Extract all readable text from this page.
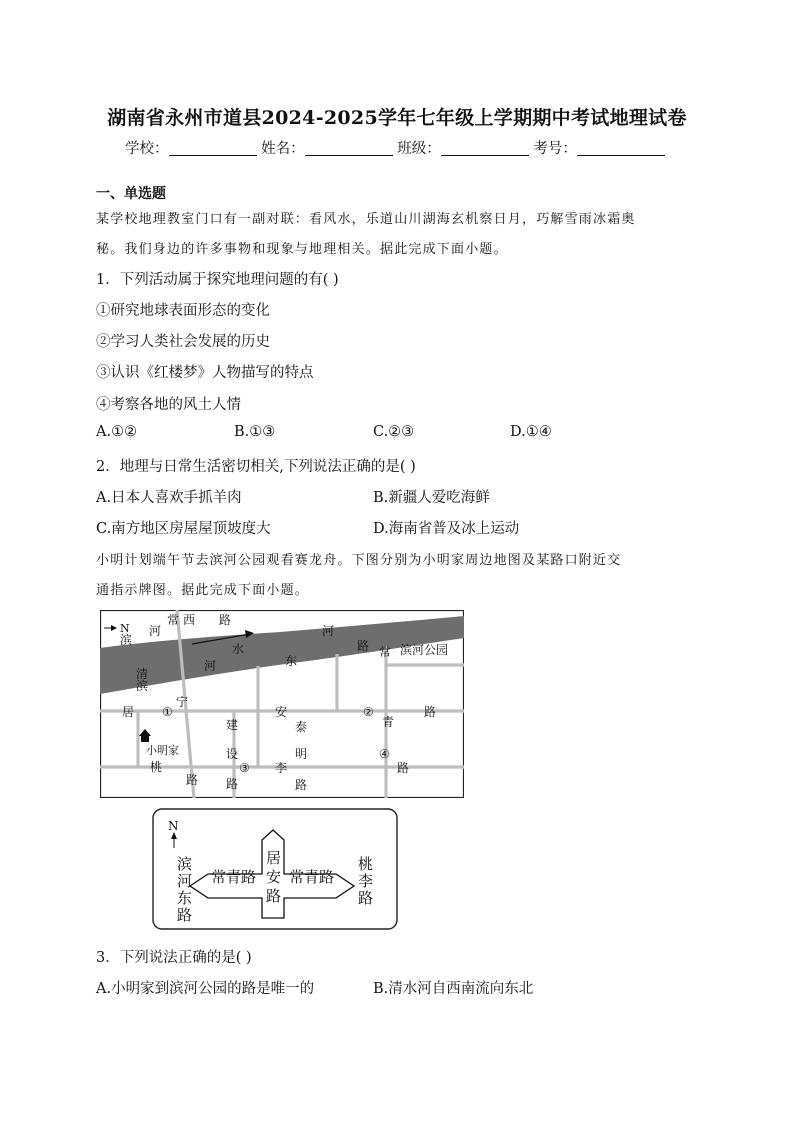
湖南省永州市道县2024-2025学年七年级上学期期中考试地理试卷
学校：	姓名：	班级：	考号：
一、单选题
某学校地理教室门口有一副对联：看风水，乐道山川湖海玄机察日月，巧解雪雨冰霜奥
秘。我们身边的许多事物和现象与地理相关。据此完成下面小题。
1．下列活动属于探究地理问题的有( )
①研究地球表面形态的变化
②学习人类社会发展的历史
③认识《红楼梦》人物描写的特点
④考察各地的风土人情
A.①②	B.①③	C.②③	D.①④
2．地理与日常生活密切相关,下列说法正确的是( )
A.日本人喜欢手抓羊肉	B.新疆人爱吃海鲜
C.南方地区房屋屋顶坡度大	D.海南省普及冰上运动
小明计划端午节去滨河公园观看赛龙舟。下图分别为小明家周边地图及某路口附近交
通指示牌图。据此完成下面小题。
N
滨
河
清
滨
常 西 路
水
河
河
东
路 常 滨河公园
宁
居	安
青
路
建
设
路
泰
明
路
桃	李
路
路
①	②
③
④
小明家
N
滨
河
东
路
常青路
居
安
路
常青路
桃
李
路
3．下列说法正确的是( )
A.小明家到滨河公园的路是唯一的	B.清水河自西南流向东北
